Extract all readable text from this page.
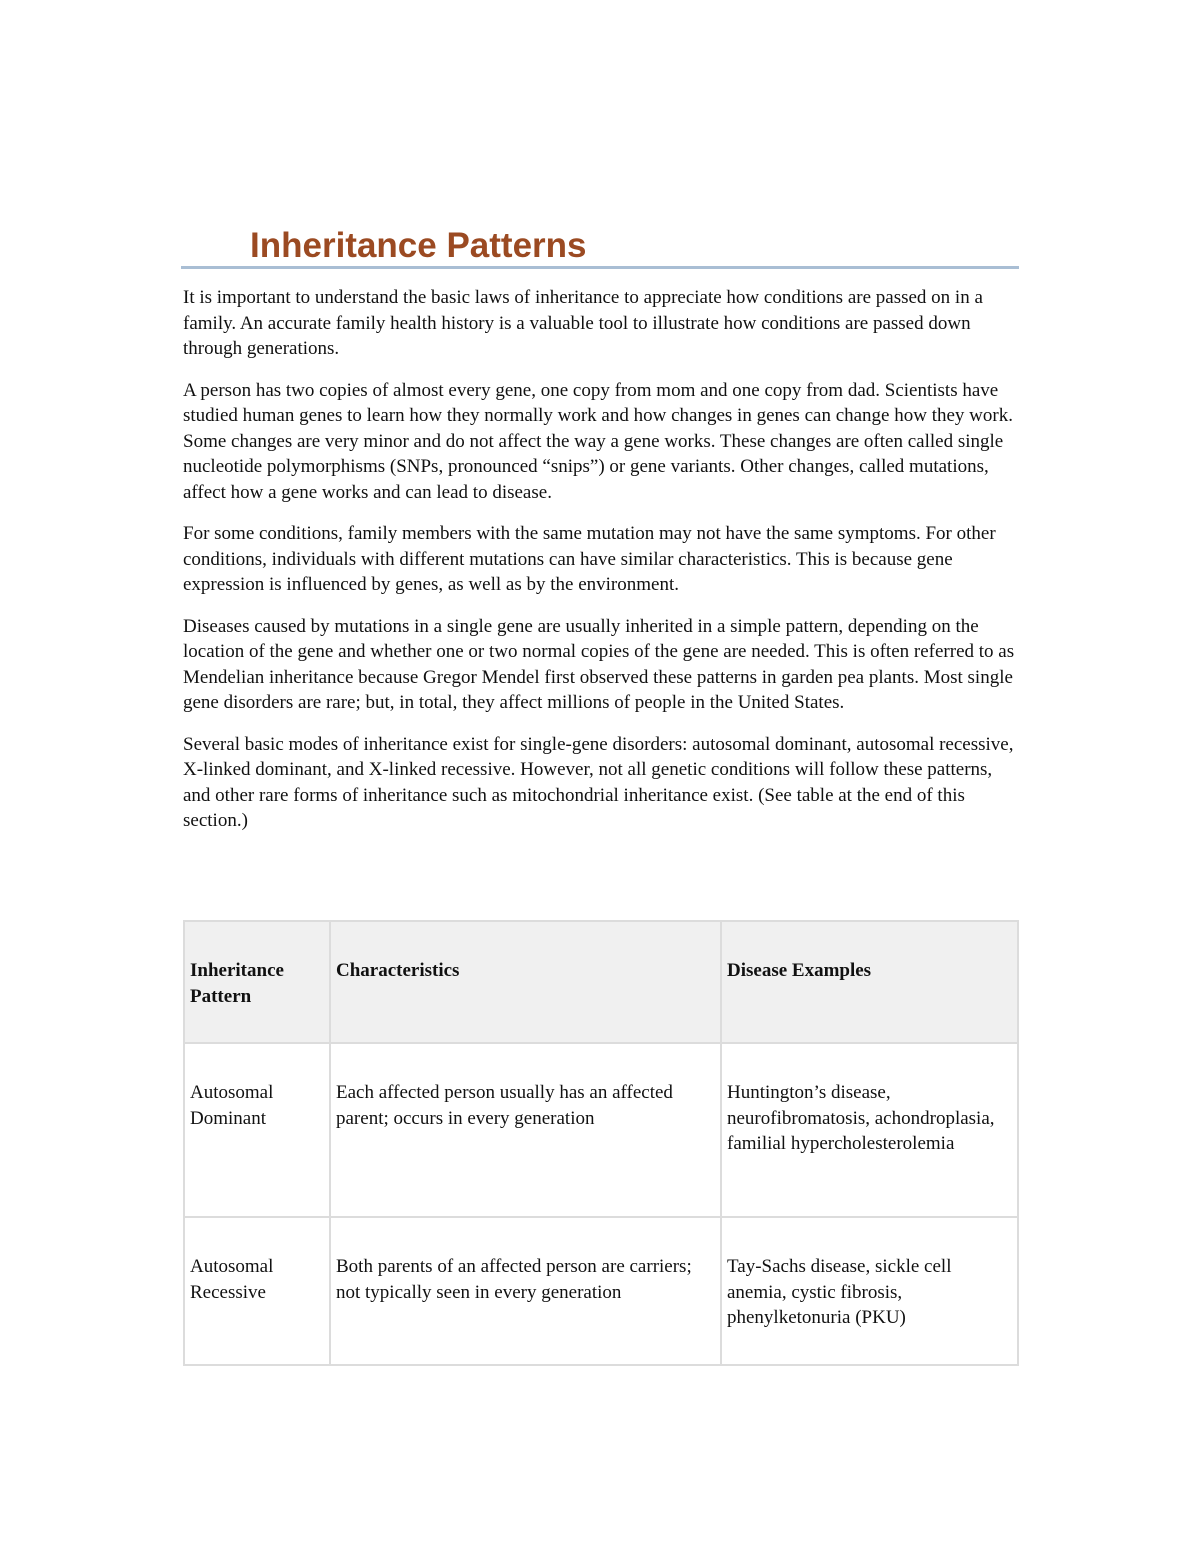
Inheritance Patterns

It is important to understand the basic laws of inheritance to appreciate how conditions are passed on in a family. An accurate family health history is a valuable tool to illustrate how conditions are passed down through generations.

A person has two copies of almost every gene, one copy from mom and one copy from dad. Scientists have studied human genes to learn how they normally work and how changes in genes can change how they work. Some changes are very minor and do not affect the way a gene works. These changes are often called single nucleotide polymorphisms (SNPs, pronounced “snips”) or gene variants. Other changes, called mutations, affect how a gene works and can lead to disease.

For some conditions, family members with the same mutation may not have the same symptoms. For other conditions, individuals with different mutations can have similar characteristics. This is because gene expression is influenced by genes, as well as by the environment.

Diseases caused by mutations in a single gene are usually inherited in a simple pattern, depending on the location of the gene and whether one or two normal copies of the gene are needed. This is often referred to as Mendelian inheritance because Gregor Mendel first observed these patterns in garden pea plants. Most single gene disorders are rare; but, in total, they affect millions of people in the United States.

Several basic modes of inheritance exist for single-gene disorders: autosomal dominant, autosomal recessive, X-linked dominant, and X-linked recessive. However, not all genetic conditions will follow these patterns, and other rare forms of inheritance such as mitochondrial inheritance exist. (See table at the end of this section.)

Inheritance Pattern	Characteristics	Disease Examples
Autosomal Dominant	Each affected person usually has an affected parent; occurs in every generation	Huntington’s disease, neurofibromatosis, achondroplasia, familial hypercholesterolemia
Autosomal Recessive	Both parents of an affected person are carriers; not typically seen in every generation	Tay-Sachs disease, sickle cell anemia, cystic fibrosis, phenylketonuria (PKU)
